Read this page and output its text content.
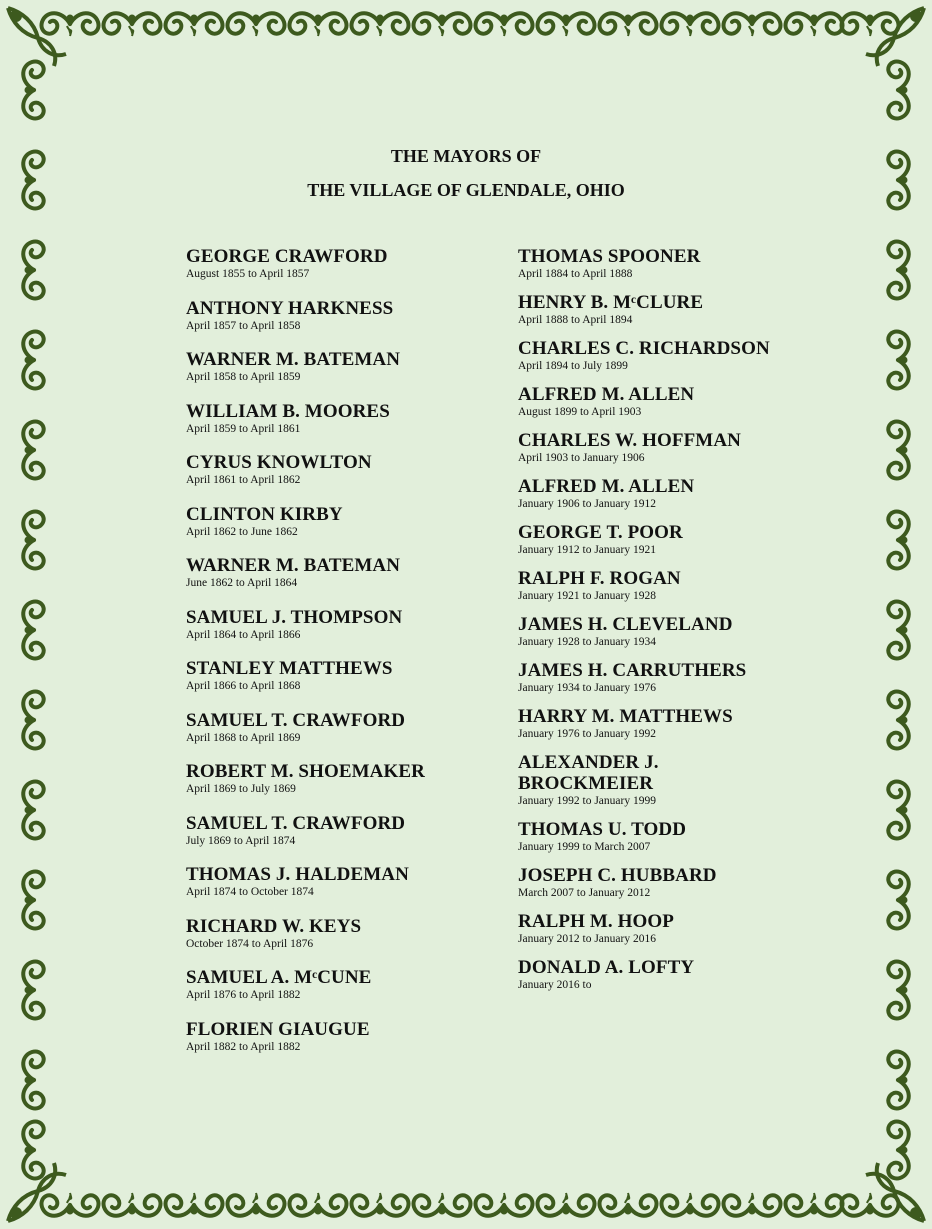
THE MAYORS OF
THE VILLAGE OF GLENDALE, OHIO
GEORGE CRAWFORD
August 1855 to April 1857
ANTHONY HARKNESS
April 1857 to April 1858
WARNER M. BATEMAN
April 1858 to April 1859
WILLIAM B. MOORES
April 1859 to April 1861
CYRUS KNOWLTON
April 1861 to April 1862
CLINTON KIRBY
April 1862 to June 1862
WARNER M. BATEMAN
June 1862 to April 1864
SAMUEL J. THOMPSON
April 1864 to April 1866
STANLEY MATTHEWS
April 1866 to April 1868
SAMUEL T. CRAWFORD
April 1868 to April 1869
ROBERT M. SHOEMAKER
April 1869 to July 1869
SAMUEL T. CRAWFORD
July 1869 to April 1874
THOMAS J. HALDEMAN
April 1874 to October 1874
RICHARD W. KEYS
October 1874 to April 1876
SAMUEL A. MᶜCUNE
April 1876 to April 1882
FLORIEN GIAUGUE
April 1882 to April 1882
THOMAS SPOONER
April 1884 to April 1888
HENRY B. MᶜCLURE
April 1888 to April 1894
CHARLES C. RICHARDSON
April 1894 to July 1899
ALFRED M. ALLEN
August 1899 to April 1903
CHARLES W. HOFFMAN
April 1903 to January 1906
ALFRED M. ALLEN
January 1906 to January 1912
GEORGE T. POOR
January 1912 to January 1921
RALPH F. ROGAN
January 1921 to January 1928
JAMES H. CLEVELAND
January 1928 to January 1934
JAMES H. CARRUTHERS
January 1934 to January 1976
HARRY M. MATTHEWS
January 1976 to January 1992
ALEXANDER J.
BROCKMEIER
January 1992 to January 1999
THOMAS U. TODD
January 1999 to March 2007
JOSEPH C. HUBBARD
March 2007 to January 2012
RALPH M. HOOP
January 2012 to January 2016
DONALD A. LOFTY
January 2016 to
